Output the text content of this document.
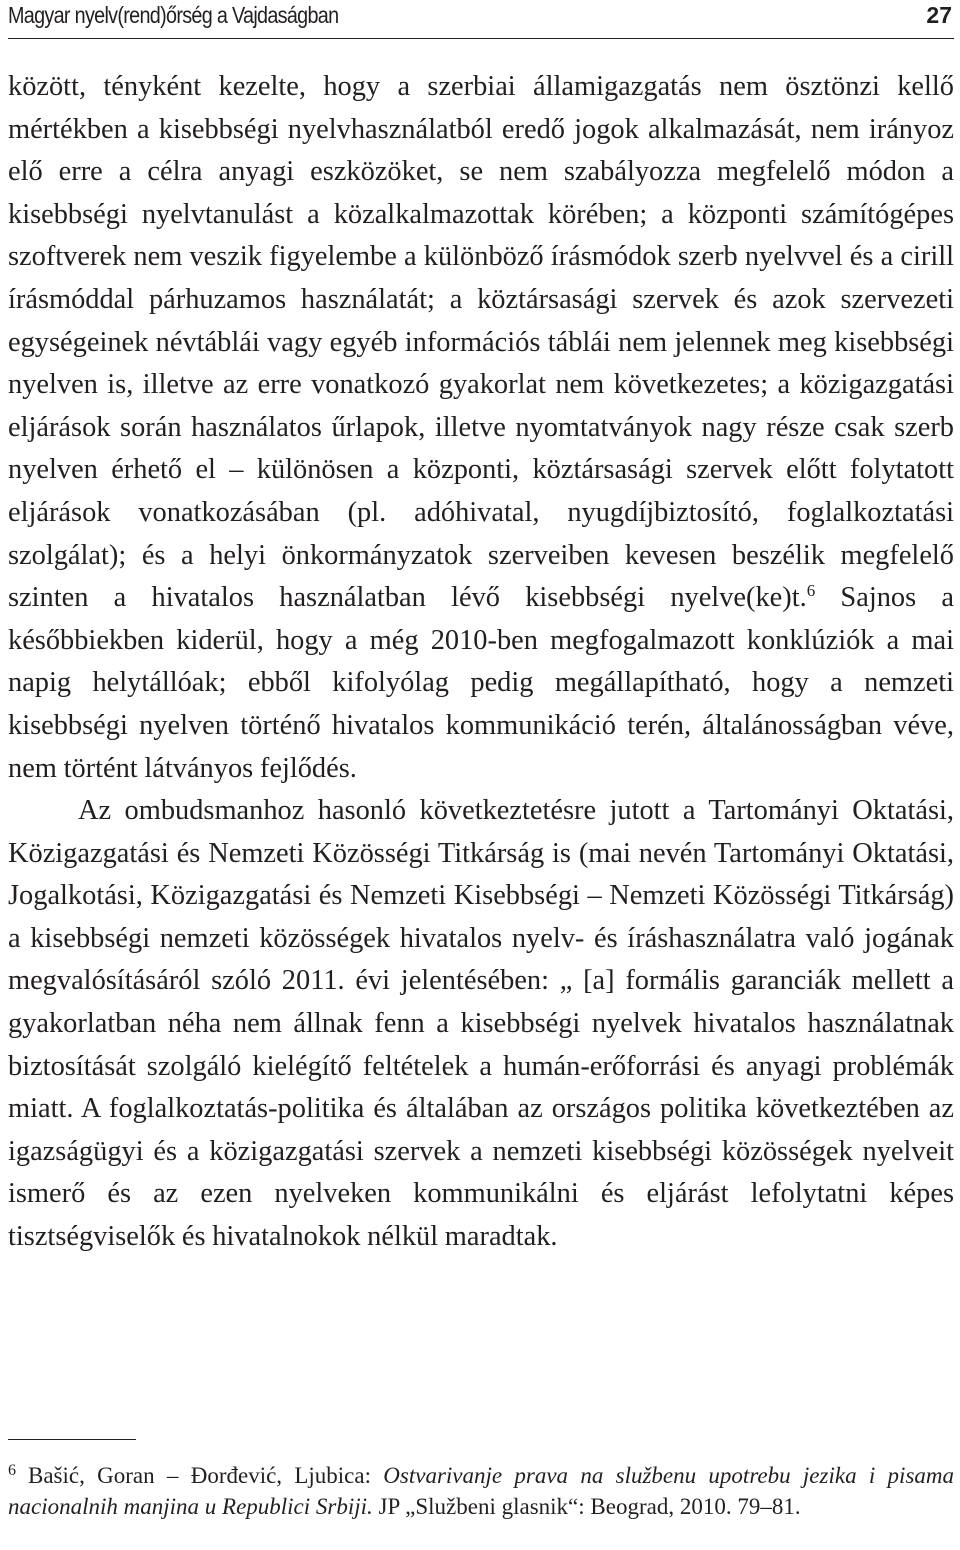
Magyar nyelv(rend)őrség a Vajdaságban	27

között, tényként kezelte, hogy a szerbiai államigazgatás nem ösztönzi kellő mértékben a kisebbségi nyelvhasználatból eredő jogok alkalmazását, nem irányoz elő erre a célra anyagi eszközöket, se nem szabályozza megfelelő módon a kisebbségi nyelvtanulást a közalkalmazottak körében; a központi számítógépes szoftverek nem veszik figyelembe a különböző írásmódok szerb nyelvvel és a cirill írásmóddal párhuzamos használatát; a köztársasági szervek és azok szervezeti egységeinek névtáblái vagy egyéb információs táblái nem jelennek meg kisebbségi nyelven is, illetve az erre vonatkozó gyakorlat nem következetes; a közigazgatási eljárások során használatos űrlapok, illetve nyomtatványok nagy része csak szerb nyelven érhető el – különösen a központi, köztársasági szervek előtt folytatott eljárások vonatkozásában (pl. adóhivatal, nyugdíjbiztosító, foglalkoztatási szolgálat); és a helyi önkormányzatok szerveiben kevesen beszélik megfelelő szinten a hivatalos használatban lévő kisebbségi nyelve(ke)t.$^6$ Sajnos a későbbiekben kiderül, hogy a még 2010-ben megfogalmazott konklúziók a mai napig helytállóak; ebből kifolyólag pedig megállapítható, hogy a nemzeti kisebbségi nyelven történő hivatalos kommunikáció terén, általánosságban véve, nem történt látványos fejlődés.

Az ombudsmanhoz hasonló következtetésre jutott a Tartományi Oktatási, Közigazgatási és Nemzeti Közösségi Titkárság is (mai nevén Tartományi Oktatási, Jogalkotási, Közigazgatási és Nemzeti Kisebbségi – Nemzeti Közösségi Titkárság) a kisebbségi nemzeti közösségek hivatalos nyelv- és íráshasználatra való jogának megvalósításáról szóló 2011. évi jelentésében: „ [a] formális garanciák mellett a gyakorlatban néha nem állnak fenn a kisebbségi nyelvek hivatalos használatnak biztosítását szolgáló kielégítő feltételek a humán-erőforrási és anyagi problémák miatt. A foglalkoztatás-politika és általában az országos politika következtében az igazságügyi és a közigazgatási szervek a nemzeti kisebbségi közösségek nyelveit ismerő és az ezen nyelveken kommunikálni és eljárást lefolytatni képes tisztségviselők és hivatalnokok nélkül maradtak.

$^6$ Bašić, Goran – Đorđević, Ljubica: Ostvarivanje prava na službenu upotrebu jezika i pisama nacionalnih manjina u Republici Srbiji. JP „Službeni glasnik“: Beograd, 2010. 79–81.
